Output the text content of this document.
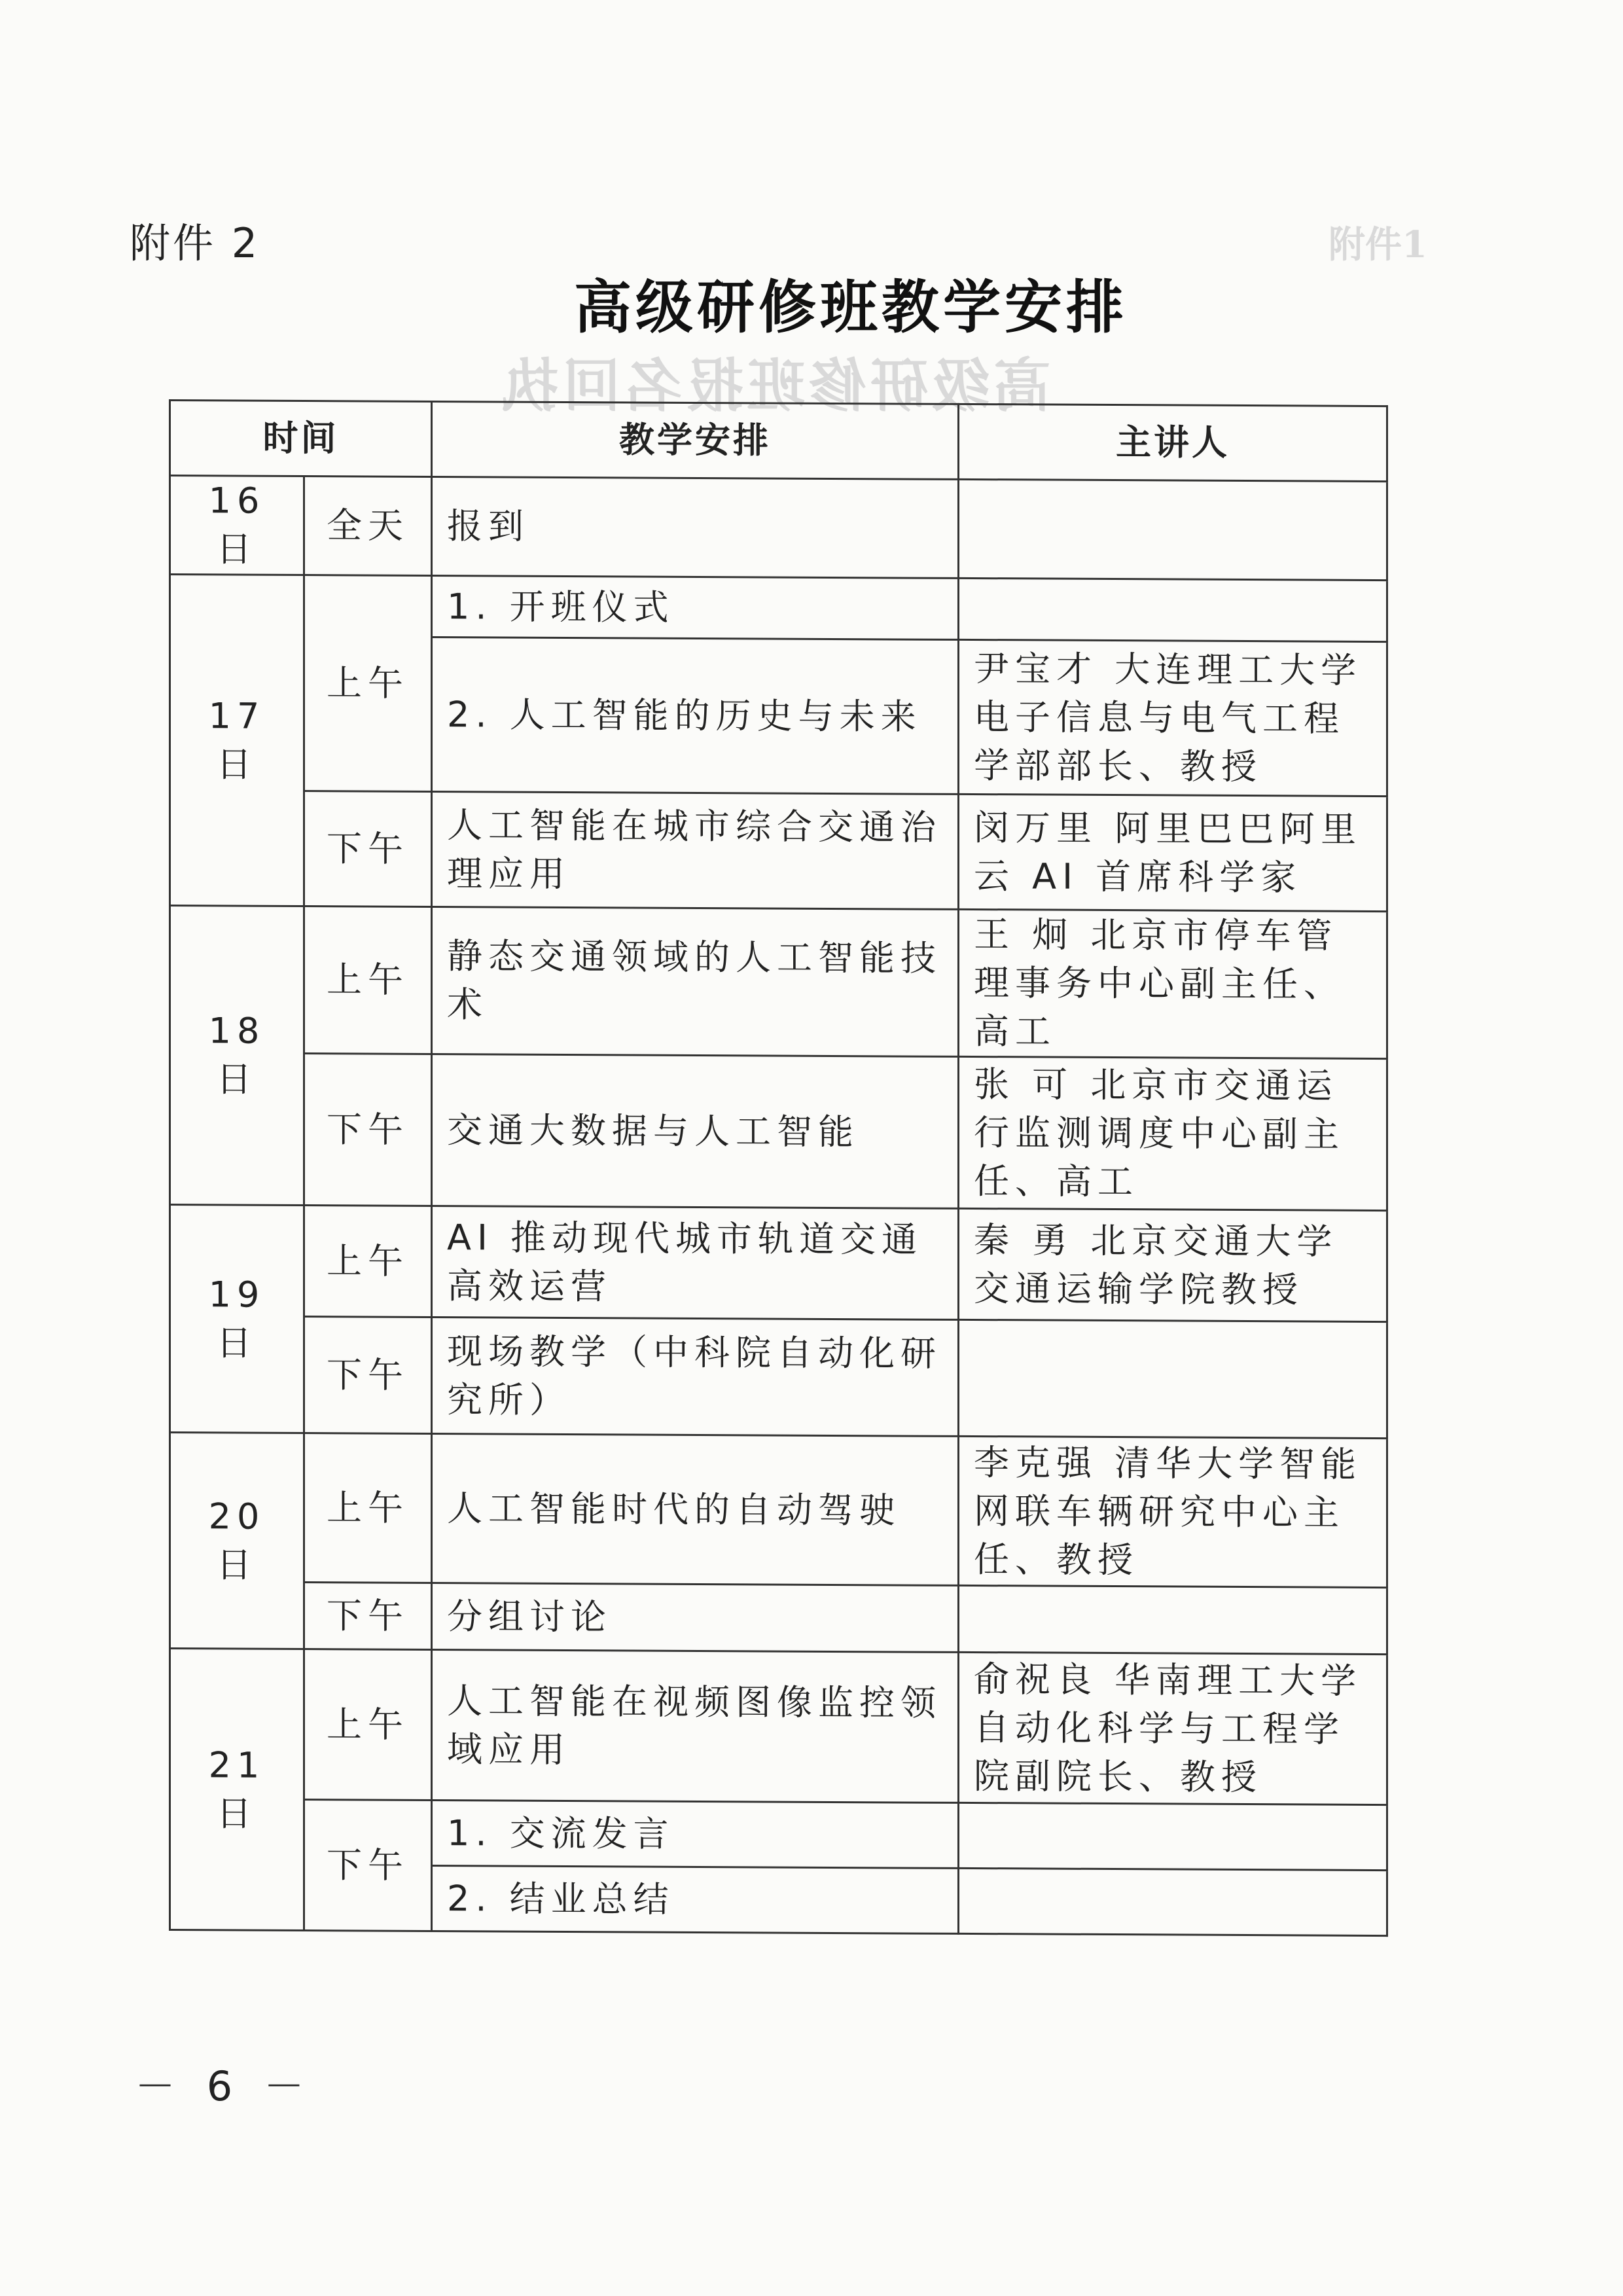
附件1
高级研修班报名回执
附件 2
高级研修班教学安排
时间		教学安排	主讲人
16 日	全天	报到	
17 日	上午	1. 开班仪式	
		2. 人工智能的历史与未来	尹宝才 大连理工大学电子信息与电气工程学部部长、教授
	下午	人工智能在城市综合交通治理应用	闵万里 阿里巴巴阿里云 AI 首席科学家
18 日	上午	静态交通领域的人工智能技术	王 炯 北京市停车管理事务中心副主任、高工
	下午	交通大数据与人工智能	张 可 北京市交通运行监测调度中心副主任、高工
19 日	上午	AI 推动现代城市轨道交通高效运营	秦 勇 北京交通大学交通运输学院教授
	下午	现场教学（中科院自动化研究所）	
20 日	上午	人工智能时代的自动驾驶	李克强 清华大学智能网联车辆研究中心主任、教授
	下午	分组讨论	
21 日	上午	人工智能在视频图像监控领域应用	俞祝良 华南理工大学自动化科学与工程学院副院长、教授
	下午	1. 交流发言	
		2. 结业总结	
－ 6 －
